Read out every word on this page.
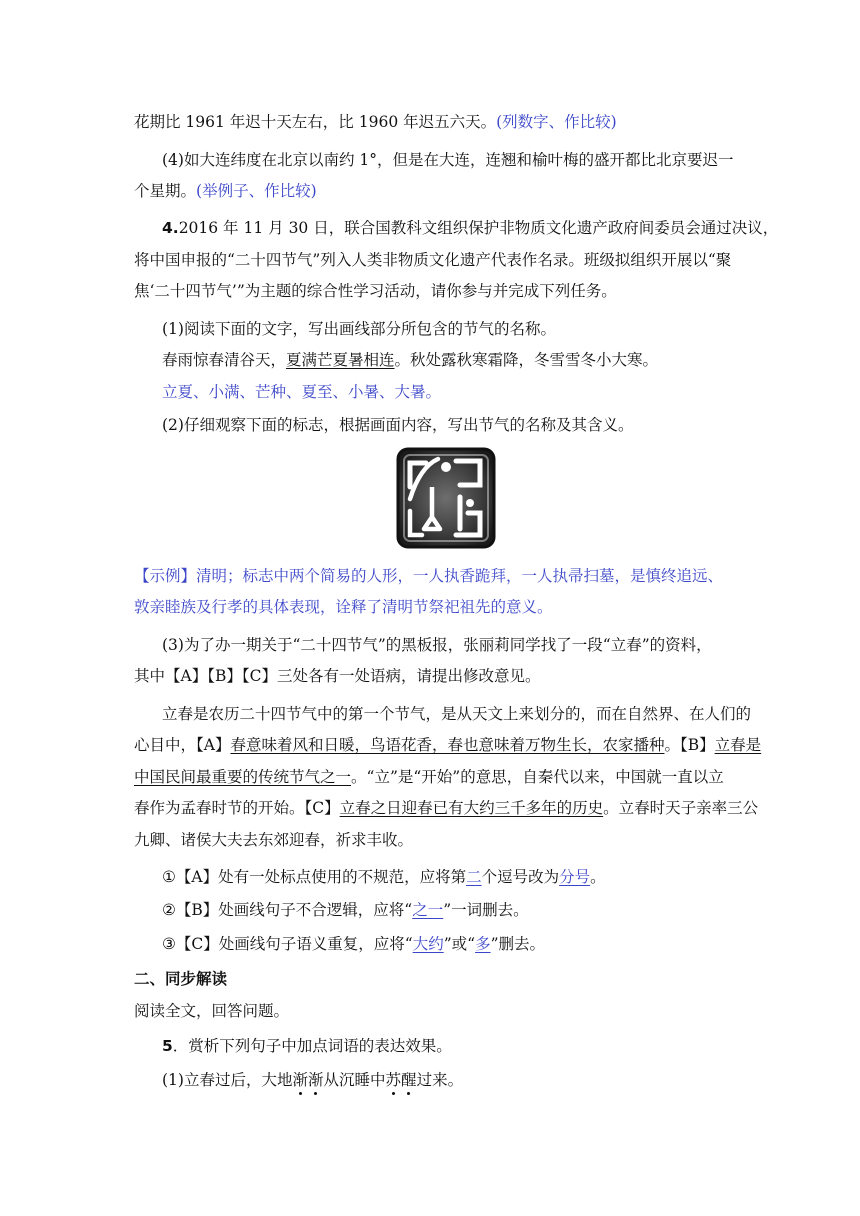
花期比 1961 年迟十天左右，比 1960 年迟五六天。(列数字、作比较)
(4)如大连纬度在北京以南约 1°，但是在大连，连翘和榆叶梅的盛开都比北京要迟一
个星期。(举例子、作比较)
4.2016 年 11 月 30 日，联合国教科文组织保护非物质文化遗产政府间委员会通过决议，
将中国申报的“二十四节气”列入人类非物质文化遗产代表作名录。班级拟组织开展以“聚
焦‘二十四节气’”为主题的综合性学习活动，请你参与并完成下列任务。
(1)阅读下面的文字，写出画线部分所包含的节气的名称。
春雨惊春清谷天，夏满芒夏暑相连。秋处露秋寒霜降，冬雪雪冬小大寒。
立夏、小满、芒种、夏至、小暑、大暑。
(2)仔细观察下面的标志，根据画面内容，写出节气的名称及其含义。
【示例】清明；标志中两个简易的人形，一人执香跪拜，一人执帚扫墓，是慎终追远、
敦亲睦族及行孝的具体表现，诠释了清明节祭祀祖先的意义。
(3)为了办一期关于“二十四节气”的黑板报，张丽莉同学找了一段“立春”的资料，
其中【A】【B】【C】三处各有一处语病，请提出修改意见。
立春是农历二十四节气中的第一个节气，是从天文上来划分的，而在自然界、在人们的
心目中，【A】春意味着风和日暖，鸟语花香，春也意味着万物生长，农家播种。【B】立春是
中国民间最重要的传统节气之一。“立”是“开始”的意思，自秦代以来，中国就一直以立
春作为孟春时节的开始。【C】立春之日迎春已有大约三千多年的历史。立春时天子亲率三公
九卿、诸侯大夫去东郊迎春，祈求丰收。
①【A】处有一处标点使用的不规范，应将第二个逗号改为分号。
②【B】处画线句子不合逻辑，应将“之一”一词删去。
③【C】处画线句子语义重复，应将“大约”或“多”删去。
二、同步解读
阅读全文，回答问题。
5．赏析下列句子中加点词语的表达效果。
(1)立春过后，大地渐渐从沉睡中苏醒过来。
